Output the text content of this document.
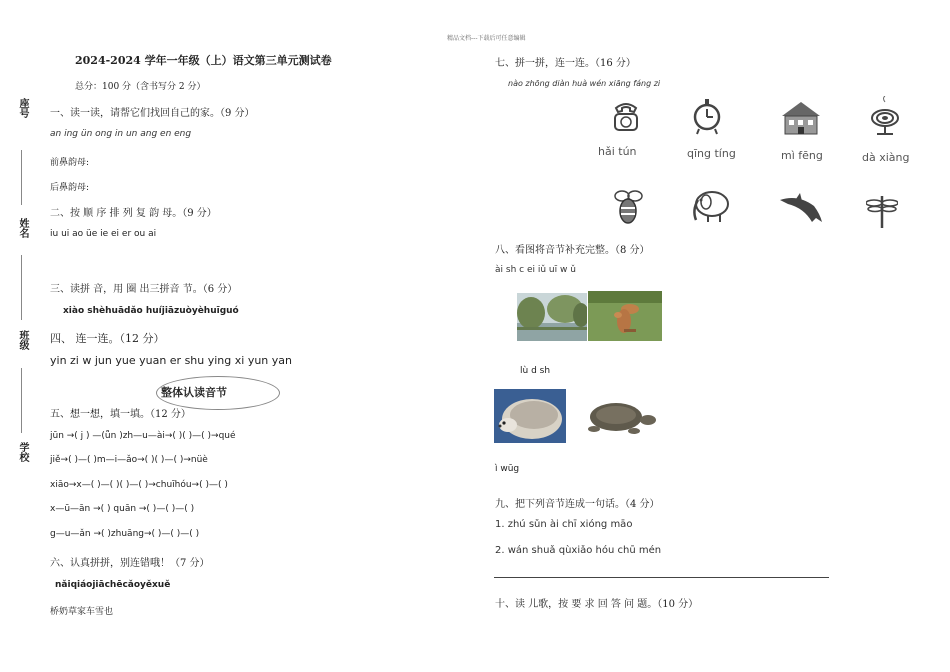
精品文档---下载后可任意编辑
座号
姓名
班级
学校
2024-2024 学年一年级（上）语文第三单元测试卷
总分：100 分（含书写分 2 分）
一、读一读，请帮它们找回自己的家。（9 分）
an ing ün ong in un ang en eng
前鼻韵母:
后鼻韵母:
二、按 顺 序 排 列 复 韵 母。（9 分）
iu ui ao üe ie ei er ou ai
三、读拼 音，用 圈 出三拼音 节。（6 分）
xiào shèhuādǎo huíjiāzuòyèhuīguó
四、 连一连。（12 分）
yin zi w jun yue yuan er shu ying xi yun yan
整体认读音节
五、想一想，填一填。（12 分）
jūn →( j ) —(ǖn )zh—u—ài→( )( )—( )→qué
jiě→( )—( )m—i—ǎo→( )( )—( )→nüè
xiāo→x—( )—( )( )—( )→chuīhóu→( )—( )
x—ū—ān →( ) quān →( )—( )—( )
g—u—ǎn →( )zhuāng→( )—( )—( )
六、认真拼拼，别连错哦！（7 分）
nǎiqiáojiāchēcǎoyěxuě
桥奶草家车雪也
七、拼一拼，连一连。（16 分）
nào zhōng diàn huà wén xiāng fáng zi
hǎi tún	qīng tíng	mì fēng	dà xiàng
八、看图将音节补充完整。（8 分）
ài sh c ei iǔ uī w ǔ
lù d sh
ì wūg
九、把下列音节连成一句话。（4 分）
1. zhú sǔn ài chī xióng māo
2. wán shuǎ qùxiǎo hóu chū mén
十、读 儿歌，按 要 求 回 答 问 题。（10 分）
